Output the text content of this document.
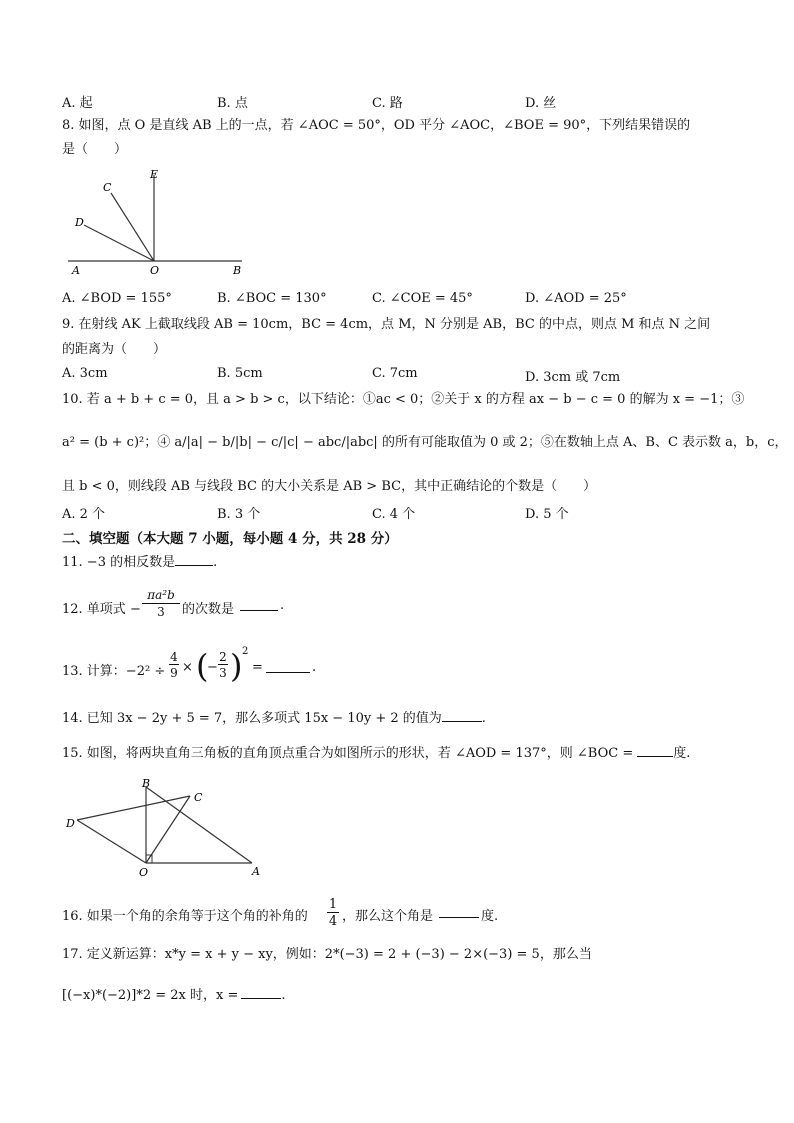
A. 起	B. 点	C. 路	D. 丝
8. 如图，点 O 是直线 AB 上的一点，若 ∠AOC = 50°，OD 平分 ∠AOC，∠BOE = 90°，下列结果错误的
是（　　）
C
E
D
A	O	B
A. ∠BOD = 155°	B. ∠BOC = 130°	C. ∠COE = 45°	D. ∠AOD = 25°
9. 在射线 AK 上截取线段 AB = 10cm，BC = 4cm，点 M，N 分别是 AB，BC 的中点，则点 M 和点 N 之间
的距离为（　　）
A. 3cm	B. 5cm	C. 7cm	D. 3cm 或 7cm
10. 若 a + b + c = 0，且 a > b > c，以下结论：①ac < 0；②关于 x 的方程 ax − b − c = 0 的解为 x = −1；③
a² = (b + c)²；④ a/|a| − b/|b| − c/|c| − abc/|abc| 的所有可能取值为 0 或 2；⑤在数轴上点 A、B、C 表示数 a，b，c，
且 b < 0，则线段 AB 与线段 BC 的大小关系是 AB > BC，其中正确结论的个数是（　　）
A. 2 个	B. 3 个	C. 4 个	D. 5 个
二、填空题（本大题 7 小题，每小题 4 分，共 28 分）
11. −3 的相反数是	.
12. 单项式 −
πa²b
3	的次数是	.
13. 计算：−2² ÷
4
9 × (
−
2
3 ) 2
=	.
14. 已知 3x − 2y + 5 = 7，那么多项式 15x − 10y + 2 的值为	.
15. 如图，将两块直角三角板的直角顶点重合为如图所示的形状，若 ∠AOD = 137°，则 ∠BOC =	度.
B
C
D
O	A
16. 如果一个角的余角等于这个角的补角的
1
4 ，那么这个角是	度.
17. 定义新运算：x*y = x + y − xy，例如：2*(−3) = 2 + (−3) − 2×(−3) = 5，那么当
[(−x)*(−2)]*2 = 2x 时，x =	.
